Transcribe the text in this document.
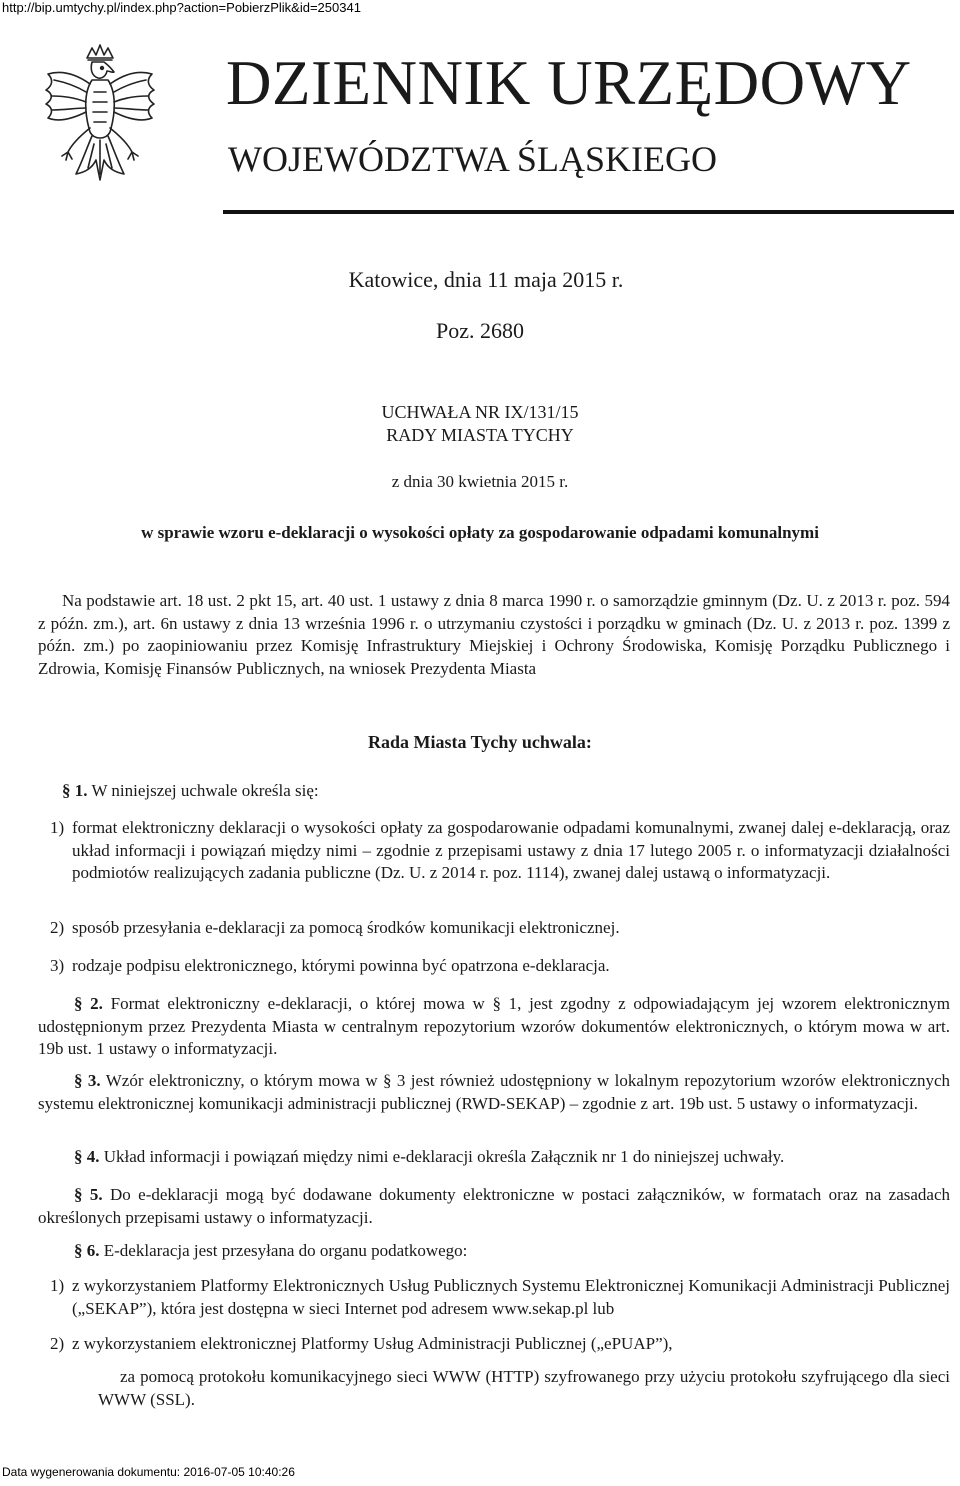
http://bip.umtychy.pl/index.php?action=PobierzPlik&id=250341
DZIENNIK URZĘDOWY
WOJEWÓDZTWA ŚLĄSKIEGO
Katowice, dnia 11 maja 2015 r.
Poz. 2680
UCHWAŁA NR IX/131/15
RADY MIASTA TYCHY
z dnia 30 kwietnia 2015 r.
w sprawie wzoru e-deklaracji o wysokości opłaty za gospodarowanie odpadami komunalnymi
Na podstawie art. 18 ust. 2 pkt 15, art. 40 ust. 1 ustawy z dnia 8 marca 1990 r. o samorządzie gminnym (Dz. U. z 2013 r. poz. 594 z późn. zm.), art. 6n ustawy z dnia 13 września 1996 r. o utrzymaniu czystości i porządku w gminach (Dz. U. z 2013 r. poz. 1399 z późn. zm.) po zaopiniowaniu przez Komisję Infrastruktury Miejskiej i Ochrony Środowiska, Komisję Porządku Publicznego i Zdrowia, Komisję Finansów Publicznych, na wniosek Prezydenta Miasta
Rada Miasta Tychy uchwala:
§ 1. W niniejszej uchwale określa się:
1) format elektroniczny deklaracji o wysokości opłaty za gospodarowanie odpadami komunalnymi, zwanej dalej e-deklaracją, oraz układ informacji i powiązań między nimi – zgodnie z przepisami ustawy z dnia 17 lutego 2005 r. o informatyzacji działalności podmiotów realizujących zadania publiczne (Dz. U. z 2014 r. poz. 1114), zwanej dalej ustawą o informatyzacji.
2) sposób przesyłania e-deklaracji za pomocą środków komunikacji elektronicznej.
3) rodzaje podpisu elektronicznego, którymi powinna być opatrzona e-deklaracja.
§ 2. Format elektroniczny e-deklaracji, o której mowa w § 1, jest zgodny z odpowiadającym jej wzorem elektronicznym udostępnionym przez Prezydenta Miasta w centralnym repozytorium wzorów dokumentów elektronicznych, o którym mowa w art. 19b ust. 1 ustawy o informatyzacji.
§ 3. Wzór elektroniczny, o którym mowa w § 3 jest również udostępniony w lokalnym repozytorium wzorów elektronicznych systemu elektronicznej komunikacji administracji publicznej (RWD-SEKAP) – zgodnie z art. 19b ust. 5 ustawy o informatyzacji.
§ 4. Układ informacji i powiązań między nimi e-deklaracji określa Załącznik nr 1 do niniejszej uchwały.
§ 5. Do e-deklaracji mogą być dodawane dokumenty elektroniczne w postaci załączników, w formatach oraz na zasadach określonych przepisami ustawy o informatyzacji.
§ 6. E-deklaracja jest przesyłana do organu podatkowego:
1) z wykorzystaniem Platformy Elektronicznych Usług Publicznych Systemu Elektronicznej Komunikacji Administracji Publicznej („SEKAP”), która jest dostępna w sieci Internet pod adresem www.sekap.pl lub
2) z wykorzystaniem elektronicznej Platformy Usług Administracji Publicznej („ePUAP”),
za pomocą protokołu komunikacyjnego sieci WWW (HTTP) szyfrowanego przy użyciu protokołu szyfrującego dla sieci WWW (SSL).
Data wygenerowania dokumentu: 2016-07-05 10:40:26
